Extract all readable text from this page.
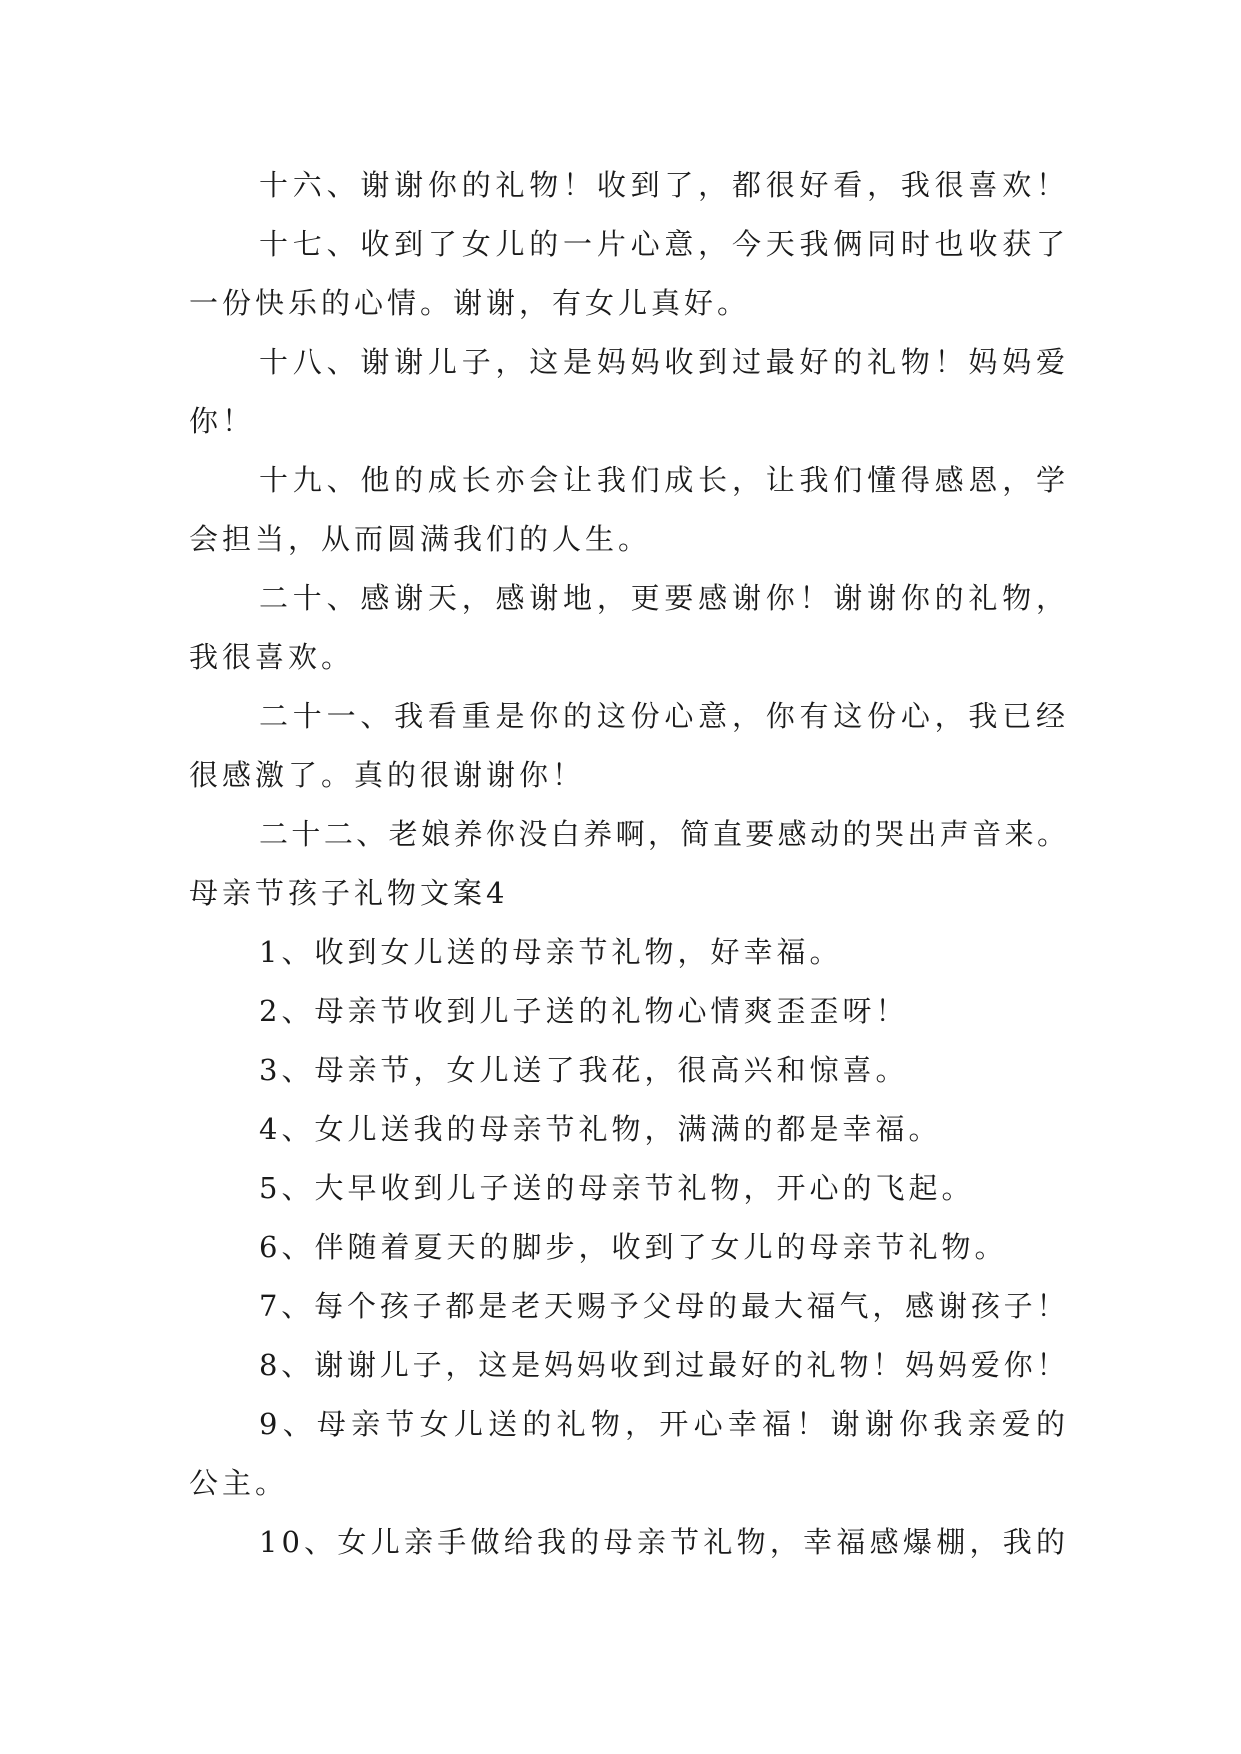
十六、谢谢你的礼物！收到了，都很好看，我很喜欢！
十七、收到了女儿的一片心意，今天我俩同时也收获了
一份快乐的心情。谢谢，有女儿真好。
十八、谢谢儿子，这是妈妈收到过最好的礼物！妈妈爱
你！
十九、他的成长亦会让我们成长，让我们懂得感恩，学
会担当，从而圆满我们的人生。
二十、感谢天，感谢地，更要感谢你！谢谢你的礼物，
我很喜欢。
二十一、我看重是你的这份心意，你有这份心，我已经
很感激了。真的很谢谢你！
二十二、老娘养你没白养啊，简直要感动的哭出声音来。
母亲节孩子礼物文案4
1、收到女儿送的母亲节礼物，好幸福。
2、母亲节收到儿子送的礼物心情爽歪歪呀！
3、母亲节，女儿送了我花，很高兴和惊喜。
4、女儿送我的母亲节礼物，满满的都是幸福。
5、大早收到儿子送的母亲节礼物，开心的飞起。
6、伴随着夏天的脚步，收到了女儿的母亲节礼物。
7、每个孩子都是老天赐予父母的最大福气，感谢孩子！
8、谢谢儿子，这是妈妈收到过最好的礼物！妈妈爱你！
9、母亲节女儿送的礼物，开心幸福！谢谢你我亲爱的
公主。
10、女儿亲手做给我的母亲节礼物，幸福感爆棚，我的
